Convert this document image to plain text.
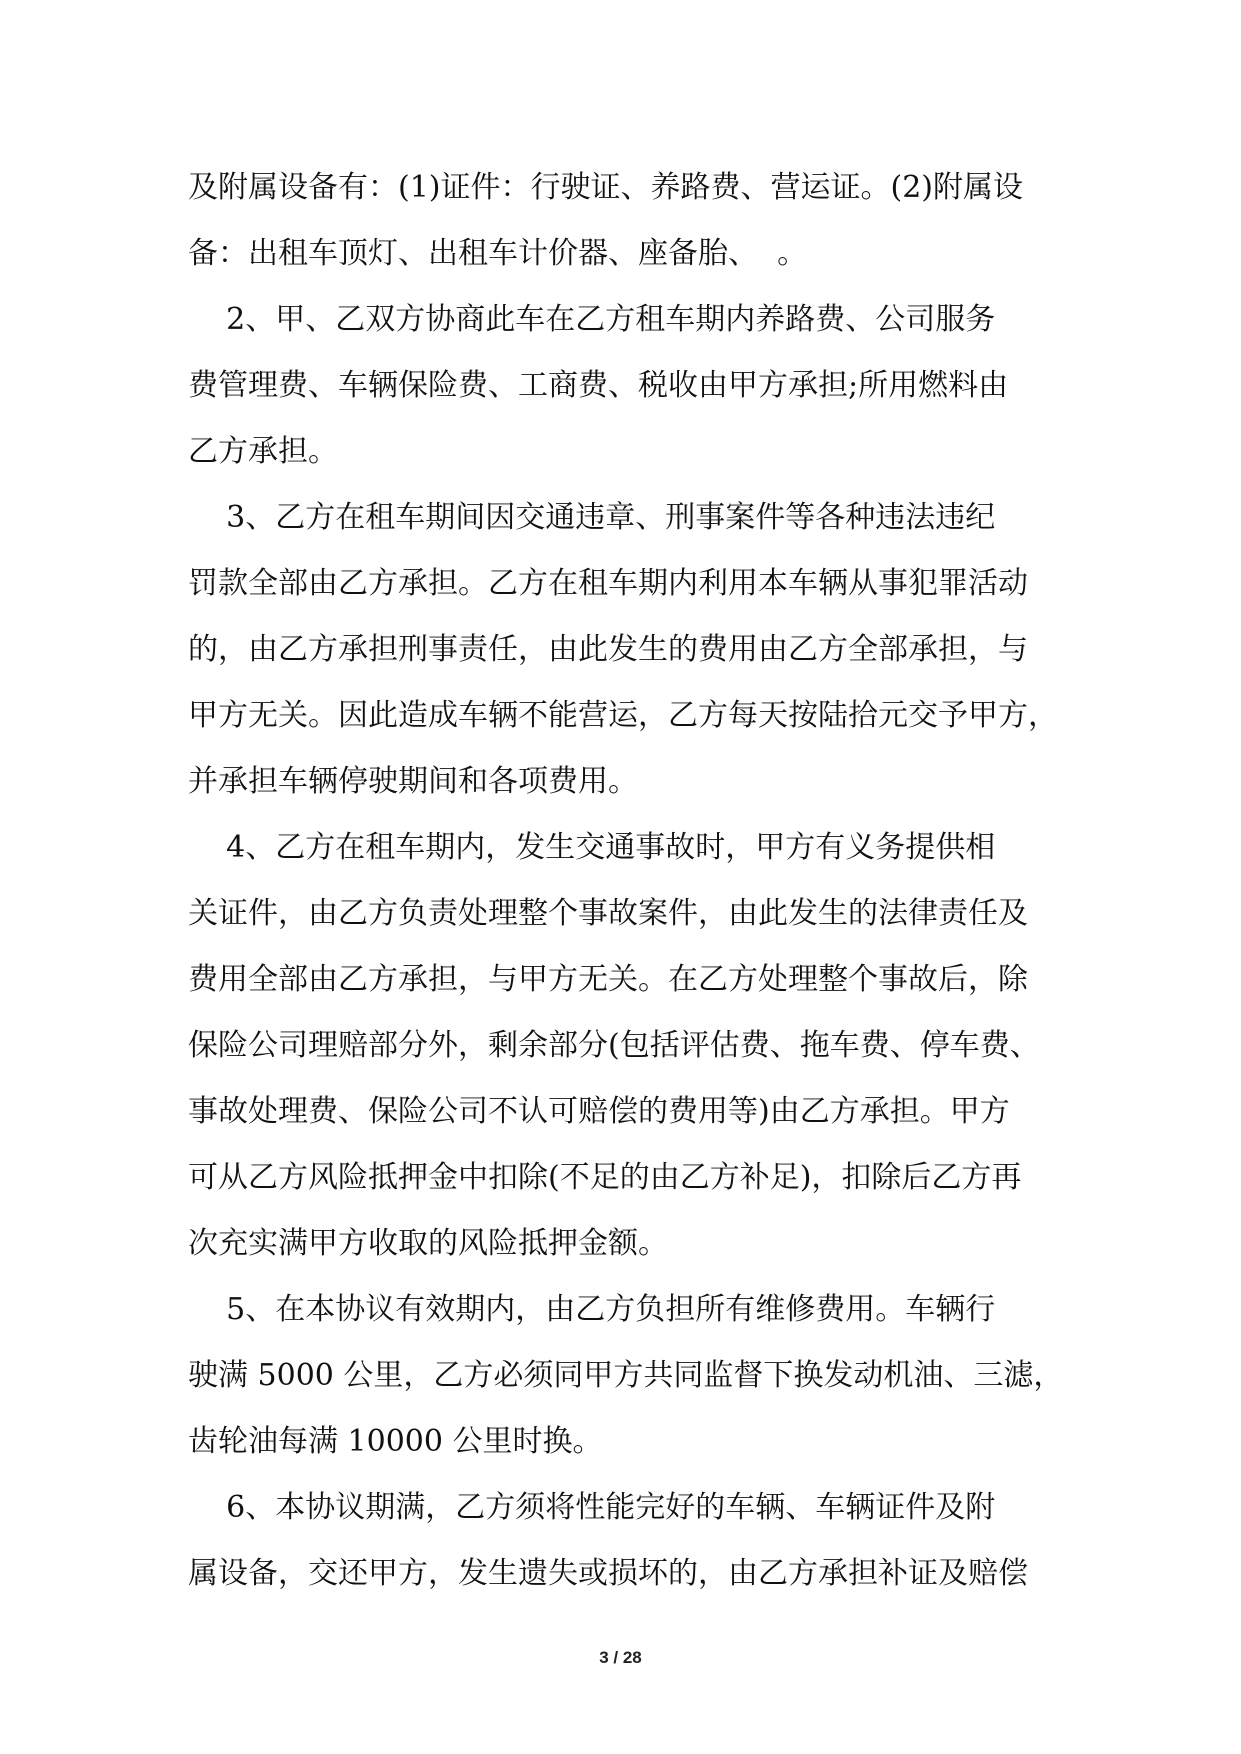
及附属设备有：(1)证件：行驶证、养路费、营运证。(2)附属设
备：出租车顶灯、出租车计价器、座备胎、  。
2、甲、乙双方协商此车在乙方租车期内养路费、公司服务
费管理费、车辆保险费、工商费、税收由甲方承担;所用燃料由
乙方承担。
3、乙方在租车期间因交通违章、刑事案件等各种违法违纪
罚款全部由乙方承担。乙方在租车期内利用本车辆从事犯罪活动
的，由乙方承担刑事责任，由此发生的费用由乙方全部承担，与
甲方无关。因此造成车辆不能营运，乙方每天按陆拾元交予甲方，
并承担车辆停驶期间和各项费用。
4、乙方在租车期内，发生交通事故时，甲方有义务提供相
关证件，由乙方负责处理整个事故案件，由此发生的法律责任及
费用全部由乙方承担，与甲方无关。在乙方处理整个事故后，除
保险公司理赔部分外，剩余部分(包括评估费、拖车费、停车费、
事故处理费、保险公司不认可赔偿的费用等)由乙方承担。甲方
可从乙方风险抵押金中扣除(不足的由乙方补足)，扣除后乙方再
次充实满甲方收取的风险抵押金额。
5、在本协议有效期内，由乙方负担所有维修费用。车辆行
驶满 5000 公里，乙方必须同甲方共同监督下换发动机油、三滤，
齿轮油每满 10000 公里时换。
6、本协议期满，乙方须将性能完好的车辆、车辆证件及附
属设备，交还甲方，发生遗失或损坏的，由乙方承担补证及赔偿
3 / 28
